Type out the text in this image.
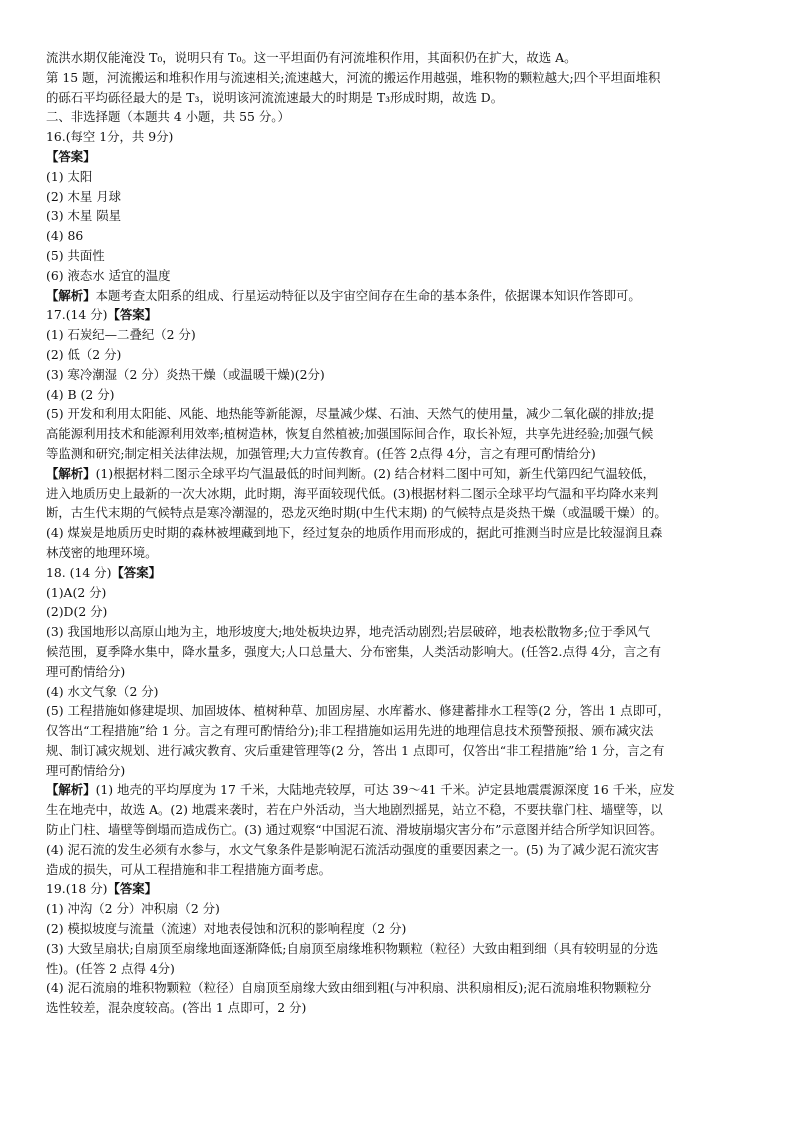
流洪水期仅能淹没 T₀，说明只有 T₀。这一平坦面仍有河流堆积作用，其面积仍在扩大，故选 A。
第 15 题，河流搬运和堆积作用与流速相关;流速越大，河流的搬运作用越强，堆积物的颗粒越大;四个平坦面堆积
的砾石平均砾径最大的是 T₃，说明该河流流速最大的时期是 T₃形成时期，故选 D。
二、非选择题（本题共 4 小题，共 55 分。）
16.(每空 1分，共 9分)
【答案】
(1) 太阳
(2) 木星 月球
(3) 木星 陨星
(4) 86
(5) 共面性
(6) 液态水 适宜的温度
【解析】本题考查太阳系的组成、行星运动特征以及宇宙空间存在生命的基本条件，依据课本知识作答即可。
17.(14 分)【答案】
(1) 石炭纪—二叠纪（2 分)
(2) 低（2 分)
(3) 寒冷潮湿（2 分）炎热干燥（或温暖干燥)(2分)
(4) B (2 分)
(5) 开发和利用太阳能、风能、地热能等新能源，尽量减少煤、石油、天然气的使用量，减少二氧化碳的排放;提
高能源利用技术和能源利用效率;植树造林，恢复自然植被;加强国际间合作，取长补短，共享先进经验;加强气候
等监测和研究;制定相关法律法规，加强管理;大力宣传教育。(任答 2点得 4分，言之有理可酌情给分)
【解析】(1)根据材料二图示全球平均气温最低的时间判断。(2) 结合材料二图中可知，新生代第四纪气温较低，
进入地质历史上最新的一次大冰期，此时期，海平面较现代低。(3)根据材料二图示全球平均气温和平均降水来判
断，古生代末期的气候特点是寒冷潮湿的，恐龙灭绝时期(中生代末期) 的气候特点是炎热干燥（或温暖干燥）的。
(4) 煤炭是地质历史时期的森林被埋藏到地下，经过复杂的地质作用而形成的，据此可推测当时应是比较湿润且森
林茂密的地理环境。
18. (14 分)【答案】
(1)A(2 分)
(2)D(2 分)
(3) 我国地形以高原山地为主，地形坡度大;地处板块边界，地壳活动剧烈;岩层破碎，地表松散物多;位于季风气
候范围，夏季降水集中，降水量多，强度大;人口总量大、分布密集，人类活动影响大。(任答2.点得 4分，言之有
理可酌情给分)
(4) 水文气象（2 分)
(5) 工程措施如修建堤坝、加固坡体、植树种草、加固房屋、水库蓄水、修建蓄排水工程等(2 分，答出 1 点即可，
仅答出“工程措施”给 1 分。言之有理可酌情给分);非工程措施如运用先进的地理信息技术预警预报、颁布减灾法
规、制订减灾规划、进行减灾教育、灾后重建管理等(2 分，答出 1 点即可，仅答出“非工程措施”给 1 分，言之有
理可酌情给分)
【解析】(1) 地壳的平均厚度为 17 千米，大陆地壳较厚，可达 39～41 千米。泸定县地震震源深度 16 千米，应发
生在地壳中，故选 A。(2) 地震来袭时，若在户外活动，当大地剧烈摇晃，站立不稳，不要扶靠门柱、墙壁等，以
防止门柱、墙壁等倒塌而造成伤亡。(3) 通过观察“中国泥石流、滑坡崩塌灾害分布”示意图并结合所学知识回答。
(4) 泥石流的发生必须有水参与，水文气象条件是影响泥石流活动强度的重要因素之一。(5) 为了减少泥石流灾害
造成的损失，可从工程措施和非工程措施方面考虑。
19.(18 分)【答案】
(1) 冲沟（2 分）冲积扇（2 分)
(2) 模拟坡度与流量（流速）对地表侵蚀和沉积的影响程度（2 分)
(3) 大致呈扇状;自扇顶至扇缘地面逐渐降低;自扇顶至扇缘堆积物颗粒（粒径）大致由粗到细（具有较明显的分选
性)。(任答 2 点得 4分)
(4) 泥石流扇的堆积物颗粒（粒径）自扇顶至扇缘大致由细到粗(与冲积扇、洪积扇相反);泥石流扇堆积物颗粒分
选性较差，混杂度较高。(答出 1 点即可，2 分)
